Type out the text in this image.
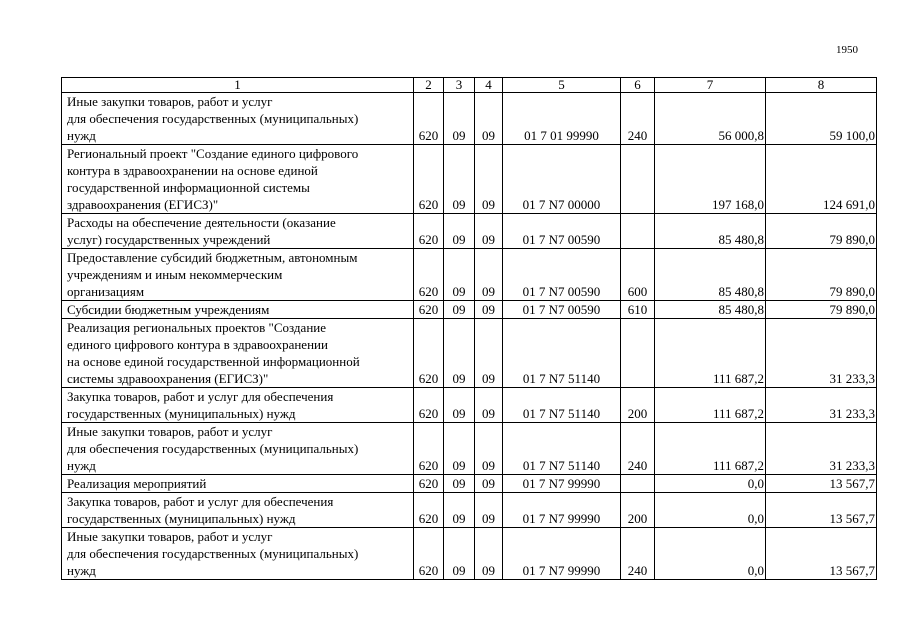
1950
1	2	3	4	5	6	7	8

Иные закупки товаров, работ и услуг
для обеспечения государственных (муниципальных)
нужд	620	09	09	01 7 01 99990	240	56 000,8	59 100,0

Региональный проект "Создание единого цифрового
контура в здравоохранении на основе единой
государственной информационной системы
здравоохранения (ЕГИСЗ)"	620	09	09	01 7 N7 00000		197 168,0	124 691,0

Расходы на обеспечение деятельности (оказание
услуг) государственных учреждений	620	09	09	01 7 N7 00590		85 480,8	79 890,0

Предоставление субсидий бюджетным, автономным
учреждениям и иным некоммерческим
организациям	620	09	09	01 7 N7 00590	600	85 480,8	79 890,0

Субсидии бюджетным учреждениям	620	09	09	01 7 N7 00590	610	85 480,8	79 890,0

Реализация региональных проектов "Создание
единого цифрового контура в здравоохранении
на основе единой государственной информационной
системы здравоохранения (ЕГИСЗ)"	620	09	09	01 7 N7 51140		111 687,2	31 233,3

Закупка товаров, работ и услуг для обеспечения
государственных (муниципальных) нужд	620	09	09	01 7 N7 51140	200	111 687,2	31 233,3

Иные закупки товаров, работ и услуг
для обеспечения государственных (муниципальных)
нужд	620	09	09	01 7 N7 51140	240	111 687,2	31 233,3

Реализация мероприятий	620	09	09	01 7 N7 99990		0,0	13 567,7

Закупка товаров, работ и услуг для обеспечения
государственных (муниципальных) нужд	620	09	09	01 7 N7 99990	200	0,0	13 567,7

Иные закупки товаров, работ и услуг
для обеспечения государственных (муниципальных)
нужд	620	09	09	01 7 N7 99990	240	0,0	13 567,7
